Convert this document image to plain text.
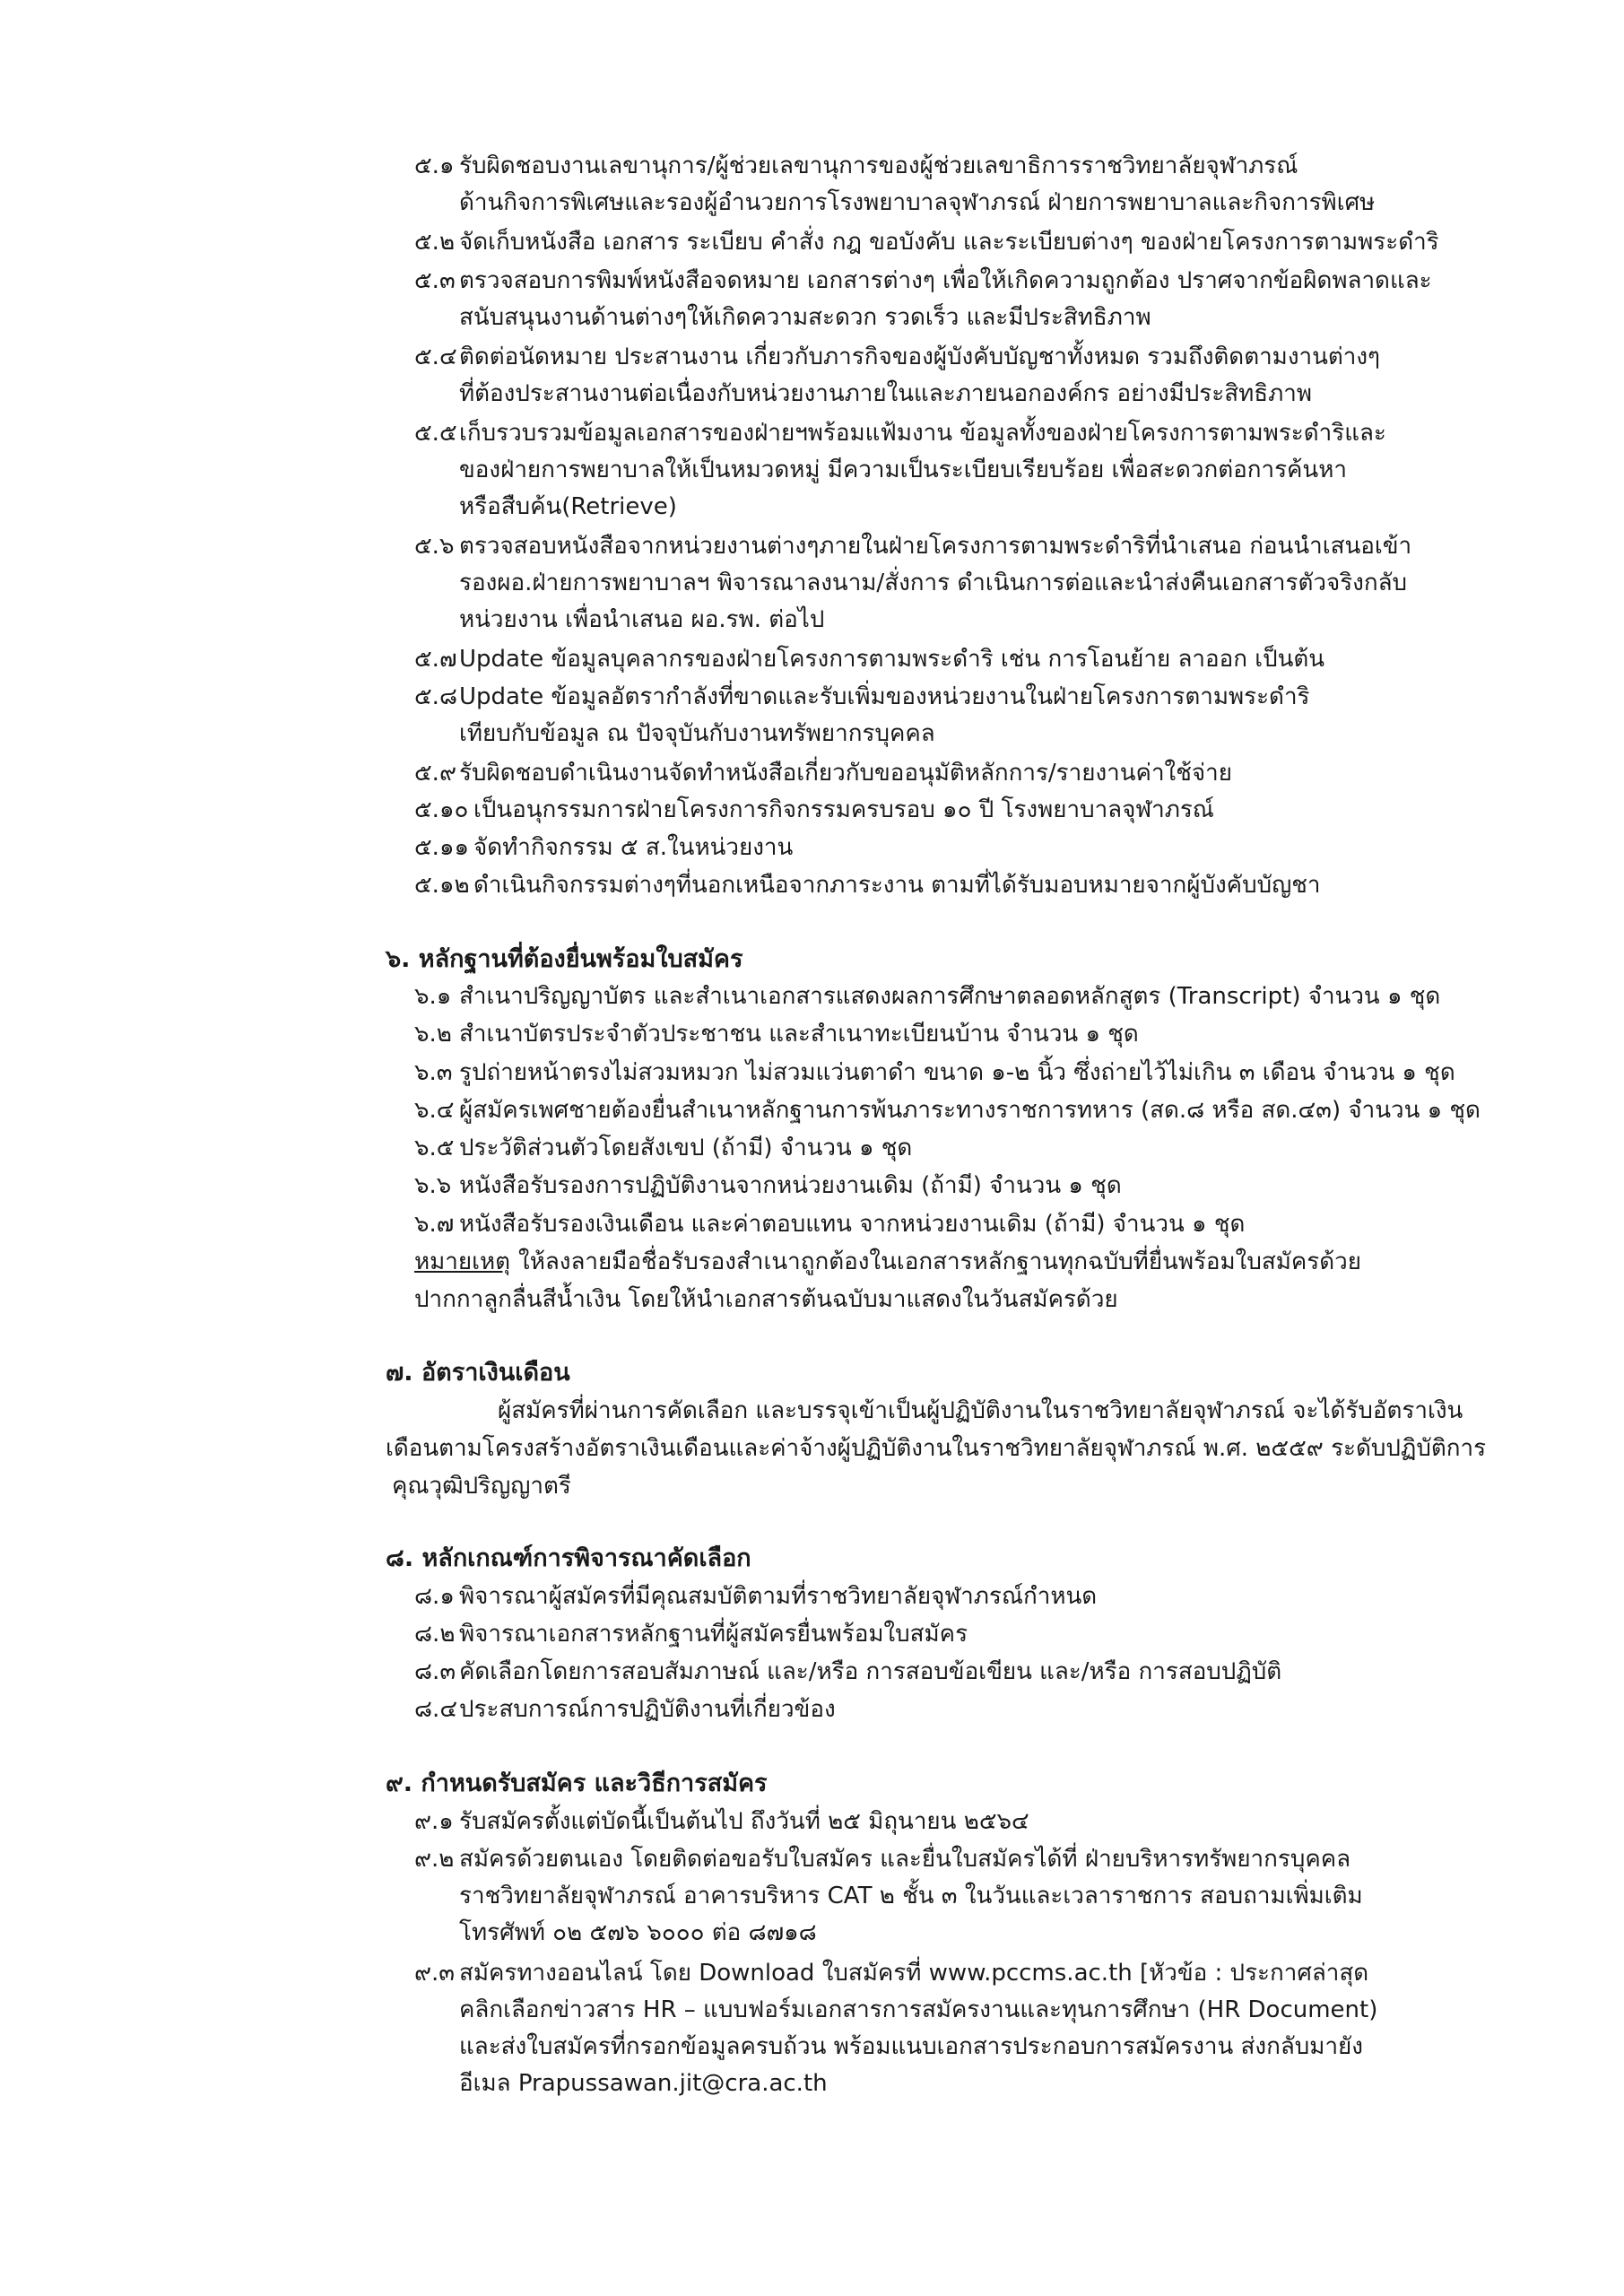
๕.๑ รับผิดชอบงานเลขานุการ/ผู้ช่วยเลขานุการของผู้ช่วยเลขาธิการราชวิทยาลัยจุฬาภรณ์
ด้านกิจการพิเศษและรองผู้อำนวยการโรงพยาบาลจุฬาภรณ์ ฝ่ายการพยาบาลและกิจการพิเศษ
๕.๒ จัดเก็บหนังสือ เอกสาร ระเบียบ คำสั่ง กฎ ขอบังคับ และระเบียบต่างๆ ของฝ่ายโครงการตามพระดำริ
๕.๓ ตรวจสอบการพิมพ์หนังสือจดหมาย เอกสารต่างๆ เพื่อให้เกิดความถูกต้อง ปราศจากข้อผิดพลาดและ
สนับสนุนงานด้านต่างๆให้เกิดความสะดวก รวดเร็ว และมีประสิทธิภาพ
๕.๔ ติดต่อนัดหมาย ประสานงาน เกี่ยวกับภารกิจของผู้บังคับบัญชาทั้งหมด รวมถึงติดตามงานต่างๆ
ที่ต้องประสานงานต่อเนื่องกับหน่วยงานภายในและภายนอกองค์กร อย่างมีประสิทธิภาพ
๕.๕ เก็บรวบรวมข้อมูลเอกสารของฝ่ายฯพร้อมแฟ้มงาน ข้อมูลทั้งของฝ่ายโครงการตามพระดำริและ
ของฝ่ายการพยาบาลให้เป็นหมวดหมู่ มีความเป็นระเบียบเรียบร้อย เพื่อสะดวกต่อการค้นหา
หรือสืบค้น(Retrieve)
๕.๖ ตรวจสอบหนังสือจากหน่วยงานต่างๆภายในฝ่ายโครงการตามพระดำริที่นำเสนอ ก่อนนำเสนอเข้า
รองผอ.ฝ่ายการพยาบาลฯ พิจารณาลงนาม/สั่งการ ดำเนินการต่อและนำส่งคืนเอกสารตัวจริงกลับ
หน่วยงาน เพื่อนำเสนอ ผอ.รพ. ต่อไป
๕.๗ Update ข้อมูลบุคลากรของฝ่ายโครงการตามพระดำริ เช่น การโอนย้าย ลาออก เป็นต้น
๕.๘ Update ข้อมูลอัตรากำลังที่ขาดและรับเพิ่มของหน่วยงานในฝ่ายโครงการตามพระดำริ
เทียบกับข้อมูล ณ ปัจจุบันกับงานทรัพยากรบุคคล
๕.๙ รับผิดชอบดำเนินงานจัดทำหนังสือเกี่ยวกับขออนุมัติหลักการ/รายงานค่าใช้จ่าย
๕.๑๐ เป็นอนุกรรมการฝ่ายโครงการกิจกรรมครบรอบ ๑๐ ปี โรงพยาบาลจุฬาภรณ์
๕.๑๑ จัดทำกิจกรรม ๕ ส.ในหน่วยงาน
๕.๑๒ ดำเนินกิจกรรมต่างๆที่นอกเหนือจากภาระงาน ตามที่ได้รับมอบหมายจากผู้บังคับบัญชา
๖. หลักฐานที่ต้องยื่นพร้อมใบสมัคร
๖.๑ สำเนาปริญญาบัตร และสำเนาเอกสารแสดงผลการศึกษาตลอดหลักสูตร (Transcript) จำนวน ๑ ชุด
๖.๒ สำเนาบัตรประจำตัวประชาชน และสำเนาทะเบียนบ้าน จำนวน ๑ ชุด
๖.๓ รูปถ่ายหน้าตรงไม่สวมหมวก ไม่สวมแว่นตาดำ ขนาด ๑-๒ นิ้ว ซึ่งถ่ายไว้ไม่เกิน ๓ เดือน จำนวน ๑ ชุด
๖.๔ ผู้สมัครเพศชายต้องยื่นสำเนาหลักฐานการพ้นภาระทางราชการทหาร (สด.๘ หรือ สด.๔๓) จำนวน ๑ ชุด
๖.๕ ประวัติส่วนตัวโดยสังเขป (ถ้ามี) จำนวน ๑ ชุด
๖.๖ หนังสือรับรองการปฏิบัติงานจากหน่วยงานเดิม (ถ้ามี) จำนวน ๑ ชุด
๖.๗ หนังสือรับรองเงินเดือน และค่าตอบแทน จากหน่วยงานเดิม (ถ้ามี) จำนวน ๑ ชุด
หมายเหตุ ให้ลงลายมือชื่อรับรองสำเนาถูกต้องในเอกสารหลักฐานทุกฉบับที่ยื่นพร้อมใบสมัครด้วย
ปากกาลูกลื่นสีน้ำเงิน โดยให้นำเอกสารต้นฉบับมาแสดงในวันสมัครด้วย
๗. อัตราเงินเดือน
ผู้สมัครที่ผ่านการคัดเลือก และบรรจุเข้าเป็นผู้ปฏิบัติงานในราชวิทยาลัยจุฬาภรณ์ จะได้รับอัตราเงิน
เดือนตามโครงสร้างอัตราเงินเดือนและค่าจ้างผู้ปฏิบัติงานในราชวิทยาลัยจุฬาภรณ์ พ.ศ. ๒๕๕๙ ระดับปฏิบัติการ
คุณวุฒิปริญญาตรี
๘. หลักเกณฑ์การพิจารณาคัดเลือก
๘.๑ พิจารณาผู้สมัครที่มีคุณสมบัติตามที่ราชวิทยาลัยจุฬาภรณ์กำหนด
๘.๒ พิจารณาเอกสารหลักฐานที่ผู้สมัครยื่นพร้อมใบสมัคร
๘.๓ คัดเลือกโดยการสอบสัมภาษณ์ และ/หรือ การสอบข้อเขียน และ/หรือ การสอบปฏิบัติ
๘.๔ ประสบการณ์การปฏิบัติงานที่เกี่ยวข้อง
๙. กำหนดรับสมัคร และวิธีการสมัคร
๙.๑ รับสมัครตั้งแต่บัดนี้เป็นต้นไป ถึงวันที่ ๒๕ มิถุนายน ๒๕๖๔
๙.๒ สมัครด้วยตนเอง โดยติดต่อขอรับใบสมัคร และยื่นใบสมัครได้ที่ ฝ่ายบริหารทรัพยากรบุคคล
ราชวิทยาลัยจุฬาภรณ์ อาคารบริหาร CAT ๒ ชั้น ๓ ในวันและเวลาราชการ สอบถามเพิ่มเติม
โทรศัพท์ ๐๒ ๕๗๖ ๖๐๐๐ ต่อ ๘๗๑๘
๙.๓ สมัครทางออนไลน์ โดย Download ใบสมัครที่ www.pccms.ac.th [หัวข้อ : ประกาศล่าสุด
คลิกเลือกข่าวสาร HR – แบบฟอร์มเอกสารการสมัครงานและทุนการศึกษา (HR Document)
และส่งใบสมัครที่กรอกข้อมูลครบถ้วน พร้อมแนบเอกสารประกอบการสมัครงาน ส่งกลับมายัง
อีเมล Prapussawan.jit@cra.ac.th
